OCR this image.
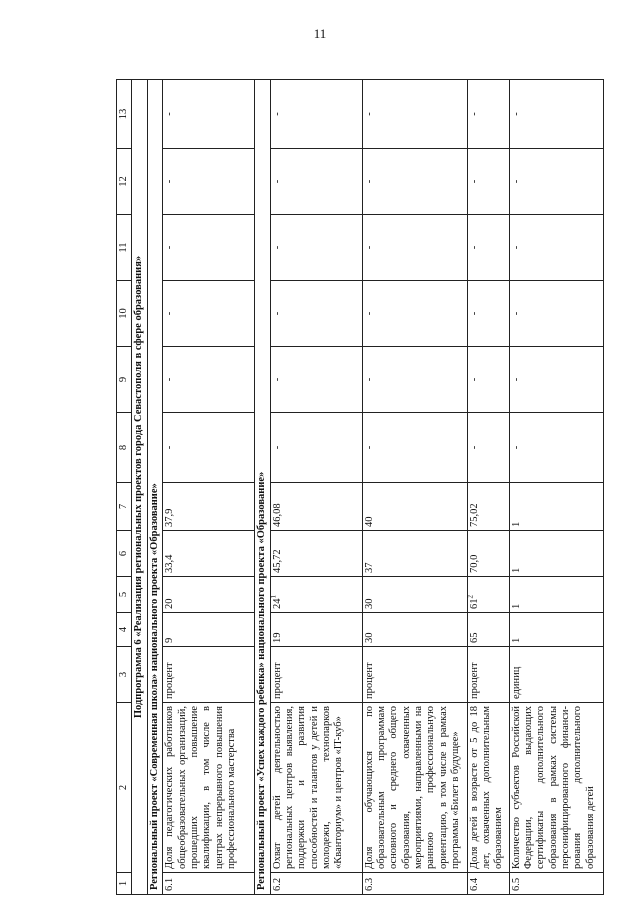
11
1	2	3	4	5	6	7	8	9	10	11	12	13
Подпрограмма 6 «Реализация региональных проектов города Севастополя в сфере образования»												
Региональный проект «Современная школа» национального проекта «Образование»												
6.1	Доля педагогических работников общеобразовательных организаций, прошедших повышение квалификации, в том числе в центрах непрерывного повышения профессионального мастерства	процент	9	20	33,4	37,9	-	-	-	-	-	-
Региональный проект «Успех каждого ребенка» национального проекта «Образование»												
6.2	Охват детей деятельностью региональных центров выявления, поддержки и развития способностей и талантов у детей и молодежи, технопарков «Кванториум» и центров «IT-куб»	процент	19	$24^1$	45,72	46,08	-	-	-	-	-	-
6.3	Доля обучающихся по образовательным программам основного и среднего общего образования, охваченных мероприятиями, направленными на раннюю профессиональную ориентацию, в том числе в рамках программы «Билет в будущее»	процент	30	30	37	40	-	-	-	-	-	-
6.4	Доля детей в возрасте от 5 до 18 лет, охваченных дополнительным образованием	процент	65	$61^2$	70,0	75,02	-	-	-	-	-	-
6.5	Количество субъектов Российской Федерации, выдающих сертификаты дополнительного образования в рамках системы персонифицированного финанси-рования дополнительного образования детей	единиц	1	1	1	1	-	-	-	-	-	-
